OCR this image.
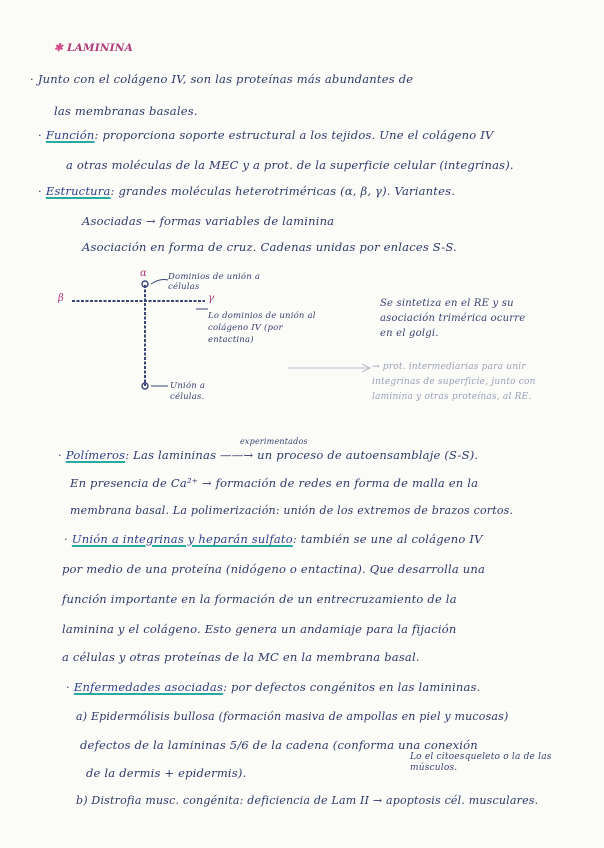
✱ LAMININA
· Junto con el colágeno IV, son las proteínas más abundantes de
las membranas basales.
· Función: proporciona soporte estructural a los tejidos. Une el colágeno IV
a otras moléculas de la MEC y a prot. de la superficie celular (integrinas).
· Estructura: grandes moléculas heterotriméricas (α, β, γ). Variantes.
Asociadas → formas variables de laminina
Asociación en forma de cruz. Cadenas unidas por enlaces S-S.
α
β	γ
Dominios de unión a células
Lo dominios de unión al colágeno IV (por entactina)
Unión a células.
Se sintetiza en el RE y su asociación trimérica ocurre en el golgi.
→ prot. intermediarias para unir integrinas de superficie, junto con laminina y otras proteínas, al RE.
experimentados
· Polímeros: Las lamininas ——→ un proceso de autoensamblaje (S-S).
En presencia de Ca²⁺ → formación de redes en forma de malla en la
membrana basal. La polimerización: unión de los extremos de brazos cortos.
· Unión a integrinas y heparán sulfato: también se une al colágeno IV
por medio de una proteína (nidógeno o entactina). Que desarrolla una
función importante en la formación de un entrecruzamiento de la
laminina y el colágeno. Esto genera un andamiaje para la fijación
a células y otras proteínas de la MC en la membrana basal.
· Enfermedades asociadas: por defectos congénitos en las lamininas.
a) Epidermólisis bullosa (formación masiva de ampollas en piel y mucosas)
defectos de la lamininas 5/6 de la cadena (conforma una conexión
de la dermis + epidermis).
Lo el citoesqueleto o la de las músculos.
b) Distrofia musc. congénita: deficiencia de Lam II → apoptosis cél. musculares.
